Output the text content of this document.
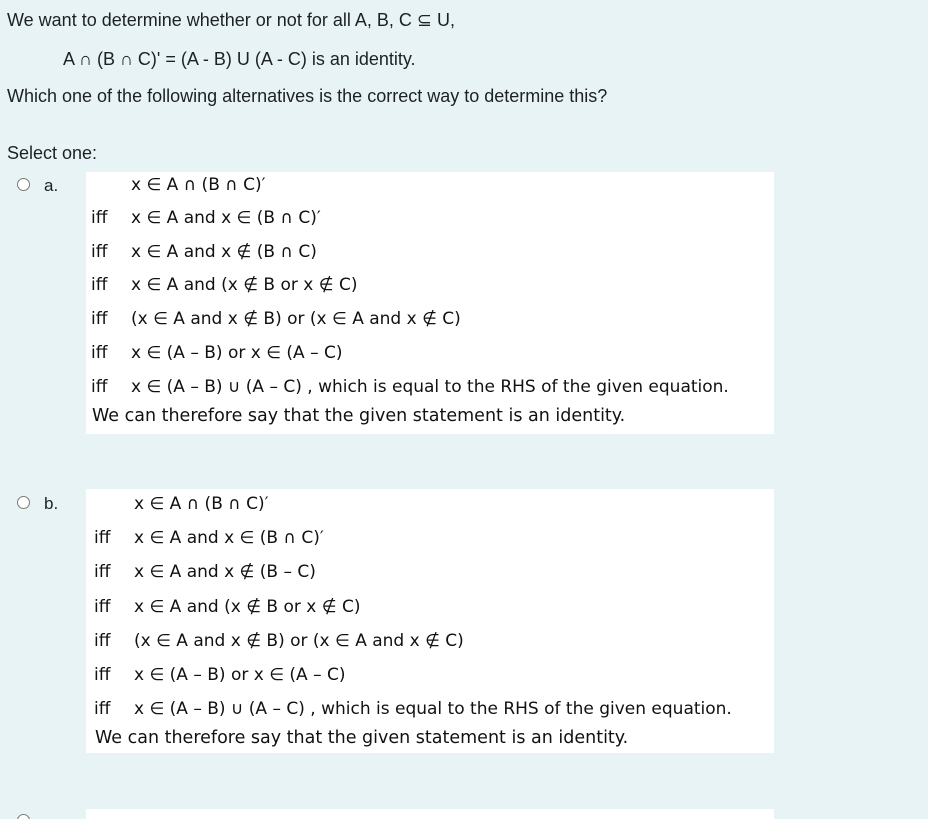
We want to determine whether or not for all A, B, C ⊆ U,
A ∩ (B ∩ C)' = (A - B) U (A - C) is an identity.
Which one of the following alternatives is the correct way to determine this?
Select one:
a.	x ∈ A ∩ (B ∩ C)′
iff x ∈ A and x ∈ (B ∩ C)′
iff x ∈ A and x ∉ (B ∩ C)
iff x ∈ A and (x ∉ B or x ∉ C)
iff (x ∈ A and x ∉ B) or (x ∈ A and x ∉ C)
iff x ∈ (A – B) or x ∈ (A – C)
iff x ∈ (A – B) ∪ (A – C) , which is equal to the RHS of the given equation.
We can therefore say that the given statement is an identity.
b.	x ∈ A ∩ (B ∩ C)′
iff x ∈ A and x ∈ (B ∩ C)′
iff x ∈ A and x ∉ (B – C)
iff x ∈ A and (x ∉ B or x ∉ C)
iff (x ∈ A and x ∉ B) or (x ∈ A and x ∉ C)
iff x ∈ (A – B) or x ∈ (A – C)
iff x ∈ (A – B) ∪ (A – C) , which is equal to the RHS of the given equation.
We can therefore say that the given statement is an identity.
